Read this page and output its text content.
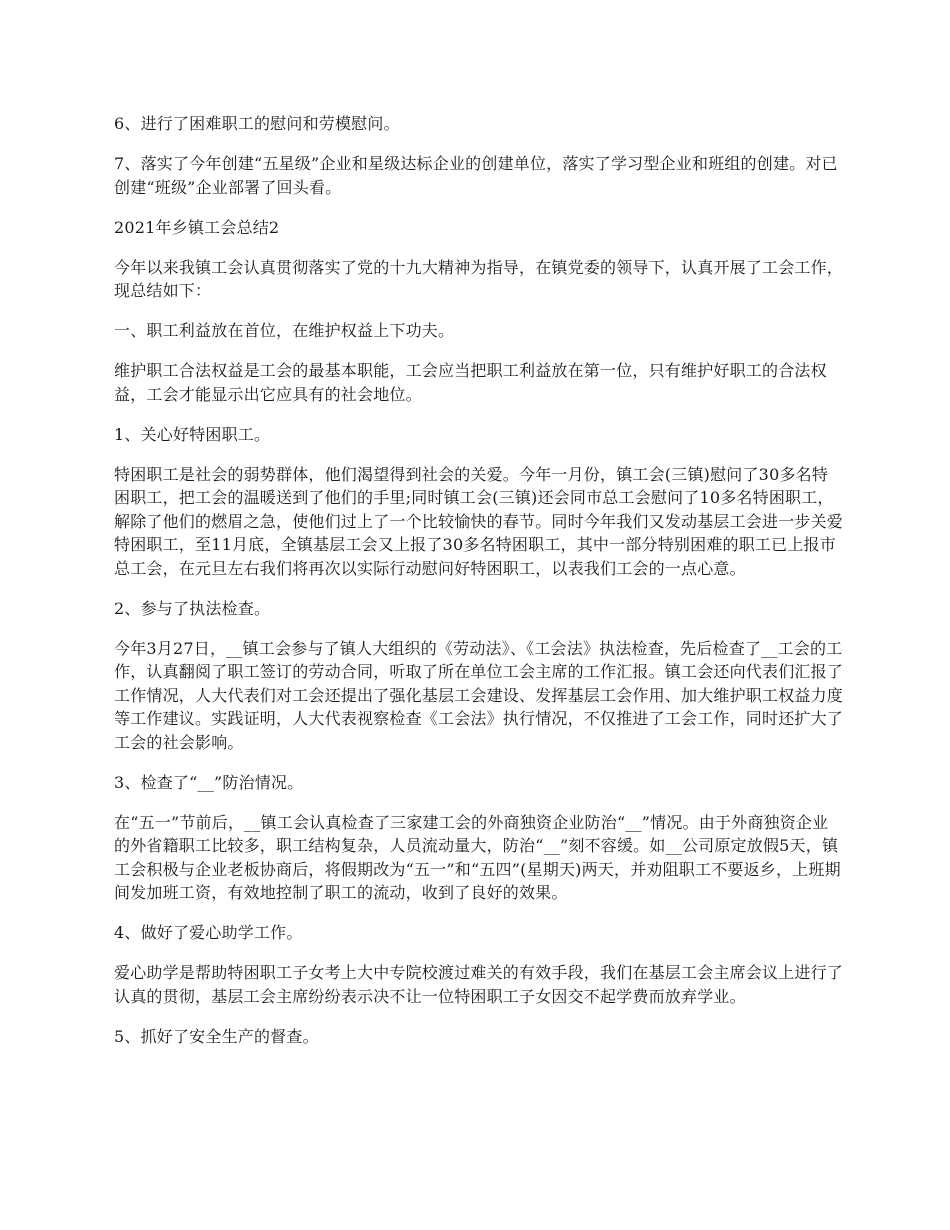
6、进行了困难职工的慰问和劳模慰问。

7、落实了今年创建“五星级”企业和星级达标企业的创建单位，落实了学习型企业和班组的创建。对已创建“班级”企业部署了回头看。

2021年乡镇工会总结2

今年以来我镇工会认真贯彻落实了党的十九大精神为指导，在镇党委的领导下，认真开展了工会工作，现总结如下：

一、职工利益放在首位，在维护权益上下功夫。

维护职工合法权益是工会的最基本职能，工会应当把职工利益放在第一位，只有维护好职工的合法权益，工会才能显示出它应具有的社会地位。

1、关心好特困职工。

特困职工是社会的弱势群体，他们渴望得到社会的关爱。今年一月份，镇工会(三镇)慰问了30多名特困职工，把工会的温暖送到了他们的手里;同时镇工会(三镇)还会同市总工会慰问了10多名特困职工，解除了他们的燃眉之急，使他们过上了一个比较愉快的春节。同时今年我们又发动基层工会进一步关爱特困职工，至11月底，全镇基层工会又上报了30多名特困职工，其中一部分特别困难的职工已上报市总工会，在元旦左右我们将再次以实际行动慰问好特困职工，以表我们工会的一点心意。

2、参与了执法检查。

今年3月27日，__镇工会参与了镇人大组织的《劳动法》、《工会法》执法检查，先后检查了__工会的工作，认真翻阅了职工签订的劳动合同，听取了所在单位工会主席的工作汇报。镇工会还向代表们汇报了工作情况，人大代表们对工会还提出了强化基层工会建设、发挥基层工会作用、加大维护职工权益力度等工作建议。实践证明，人大代表视察检查《工会法》执行情况，不仅推进了工会工作，同时还扩大了工会的社会影响。

3、检查了“__”防治情况。

在“五一”节前后，__镇工会认真检查了三家建工会的外商独资企业防治“__”情况。由于外商独资企业的外省籍职工比较多，职工结构复杂，人员流动量大，防治“__”刻不容缓。如__公司原定放假5天，镇工会积极与企业老板协商后，将假期改为“五一”和“五四”(星期天)两天，并劝阻职工不要返乡，上班期间发加班工资，有效地控制了职工的流动，收到了良好的效果。

4、做好了爱心助学工作。

爱心助学是帮助特困职工子女考上大中专院校渡过难关的有效手段，我们在基层工会主席会议上进行了认真的贯彻，基层工会主席纷纷表示决不让一位特困职工子女因交不起学费而放弃学业。

5、抓好了安全生产的督查。
